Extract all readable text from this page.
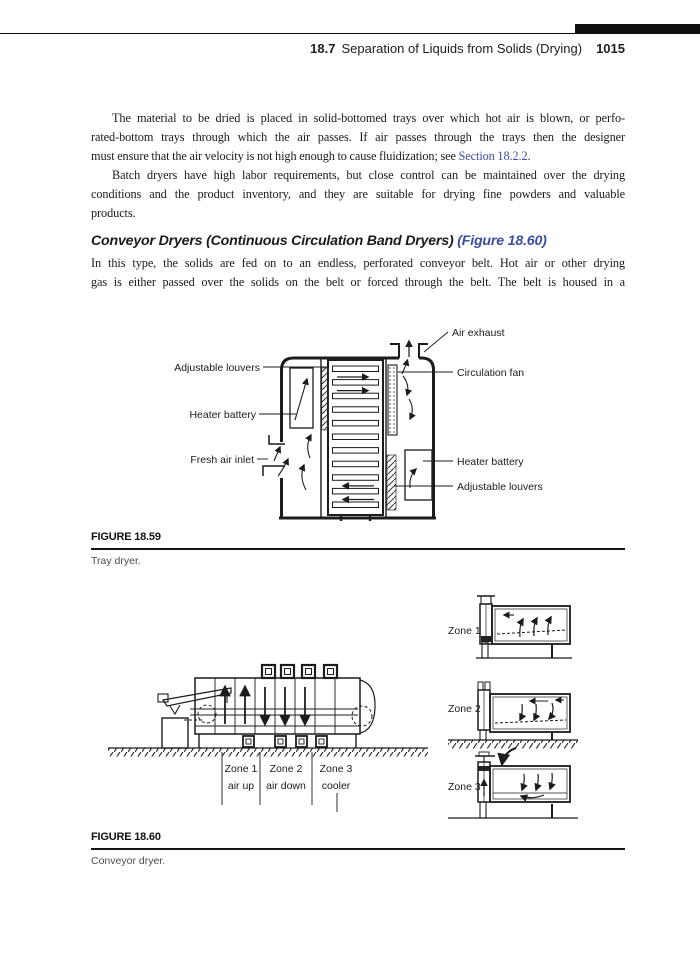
18.7 Separation of Liquids from Solids (Drying) 1015
The material to be dried is placed in solid-bottomed trays over which hot air is blown, or perfo-
rated-bottom trays through which the air passes. If air passes through the trays then the designer
must ensure that the air velocity is not high enough to cause fluidization; see Section 18.2.2.
Batch dryers have high labor requirements, but close control can be maintained over the drying
conditions and the product inventory, and they are suitable for drying fine powders and valuable
products.
Conveyor Dryers (Continuous Circulation Band Dryers) (Figure 18.60)
In this type, the solids are fed on to an endless, perforated conveyor belt. Hot air or other drying
gas is either passed over the solids on the belt or forced through the belt. The belt is housed in a
Air exhaust
Adjustable louvers	Circulation fan
Heater battery
Fresh air inlet	Heater battery
Adjustable louvers
FIGURE 18.59
Tray dryer.
Zone 1
air up
Zone 2
air down
Zone 3
cooler
Zone 1
Zone 2
Zone 3
FIGURE 18.60
Conveyor dryer.
